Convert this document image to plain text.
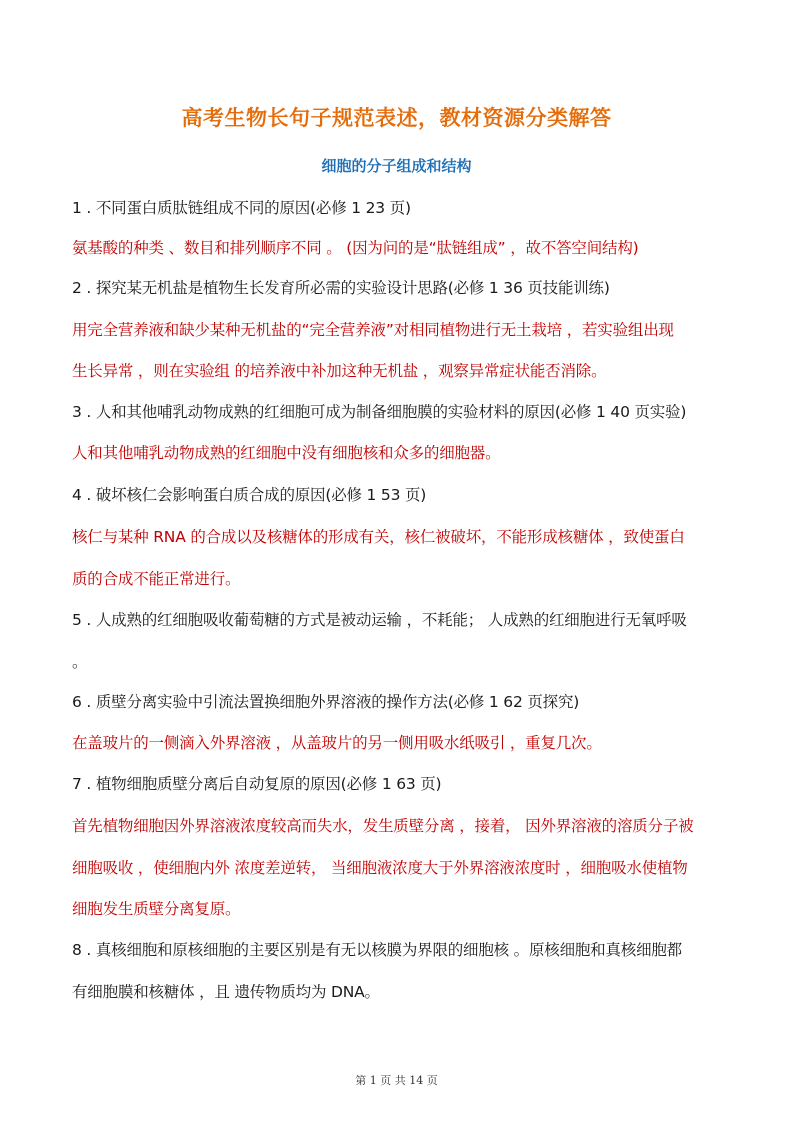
高考生物长句子规范表述，教材资源分类解答
细胞的分子组成和结构
1 . 不同蛋白质肽链组成不同的原因(必修 1 23 页)
氨基酸的种类 、数目和排列顺序不同 。 (因为问的是“肽链组成” ，故不答空间结构)
2 . 探究某无机盐是植物生长发育所必需的实验设计思路(必修 1 36 页技能训练)
用完全营养液和缺少某种无机盐的“完全营养液”对相同植物进行无土栽培 ，若实验组出现
生长异常 ，则在实验组 的培养液中补加这种无机盐 ，观察异常症状能否消除。
3 . 人和其他哺乳动物成熟的红细胞可成为制备细胞膜的实验材料的原因(必修 1 40 页实验)
人和其他哺乳动物成熟的红细胞中没有细胞核和众多的细胞器。
4 . 破坏核仁会影响蛋白质合成的原因(必修 1 53 页)
核仁与某种 RNA 的合成以及核糖体的形成有关，核仁被破坏，不能形成核糖体 ，致使蛋白
质的合成不能正常进行。
5 . 人成熟的红细胞吸收葡萄糖的方式是被动运输 ，不耗能； 人成熟的红细胞进行无氧呼吸
。
6 . 质壁分离实验中引流法置换细胞外界溶液的操作方法(必修 1 62 页探究)
在盖玻片的一侧滴入外界溶液 ，从盖玻片的另一侧用吸水纸吸引 ，重复几次。
7 . 植物细胞质壁分离后自动复原的原因(必修 1 63 页)
首先植物细胞因外界溶液浓度较高而失水，发生质壁分离 ，接着， 因外界溶液的溶质分子被
细胞吸收 ，使细胞内外 浓度差逆转， 当细胞液浓度大于外界溶液浓度时 ，细胞吸水使植物
细胞发生质壁分离复原。
8 . 真核细胞和原核细胞的主要区别是有无以核膜为界限的细胞核 。原核细胞和真核细胞都
有细胞膜和核糖体 ，且 遗传物质均为 DNA。
第 1 页 共 14 页
